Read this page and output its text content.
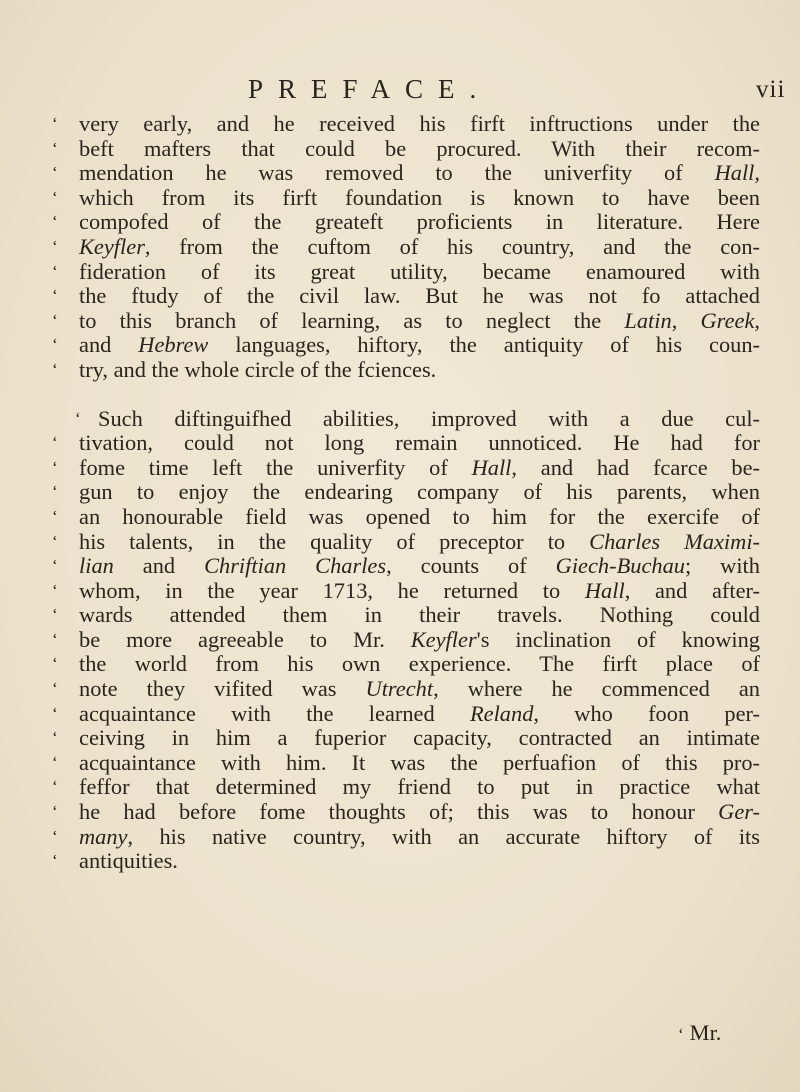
PREFACE.	vii
‘ very early, and he received his firft inftructions under the
‘ beft mafters that could be procured. With their recom-
‘ mendation he was removed to the univerfity of Hall,
‘ which from its firft foundation is known to have been
‘ compofed of the greateft proficients in literature. Here
‘ Keyfler, from the cuftom of his country, and the con-
‘ fideration of its great utility, became enamoured with
‘ the ftudy of the civil law. But he was not fo attached
‘ to this branch of learning, as to neglect the Latin, Greek,
‘ and Hebrew languages, hiftory, the antiquity of his coun-
‘ try, and the whole circle of the fciences.
‘ Such diftinguifhed abilities, improved with a due cul-
‘ tivation, could not long remain unnoticed. He had for
‘ fome time left the univerfity of Hall, and had fcarce be-
‘ gun to enjoy the endearing company of his parents, when
‘ an honourable field was opened to him for the exercife of
‘ his talents, in the quality of preceptor to Charles Maximi-
‘ lian and Chriftian Charles, counts of Giech-Buchau; with
‘ whom, in the year 1713, he returned to Hall, and after-
‘ wards attended them in their travels. Nothing could
‘ be more agreeable to Mr. Keyfler's inclination of knowing
‘ the world from his own experience. The firft place of
‘ note they vifited was Utrecht, where he commenced an
‘ acquaintance with the learned Reland, who foon per-
‘ ceiving in him a fuperior capacity, contracted an intimate
‘ acquaintance with him. It was the perfuafion of this pro-
‘ feffor that determined my friend to put in practice what
‘ he had before fome thoughts of; this was to honour Ger-
‘ many, his native country, with an accurate hiftory of its
‘ antiquities.
‘ Mr.
